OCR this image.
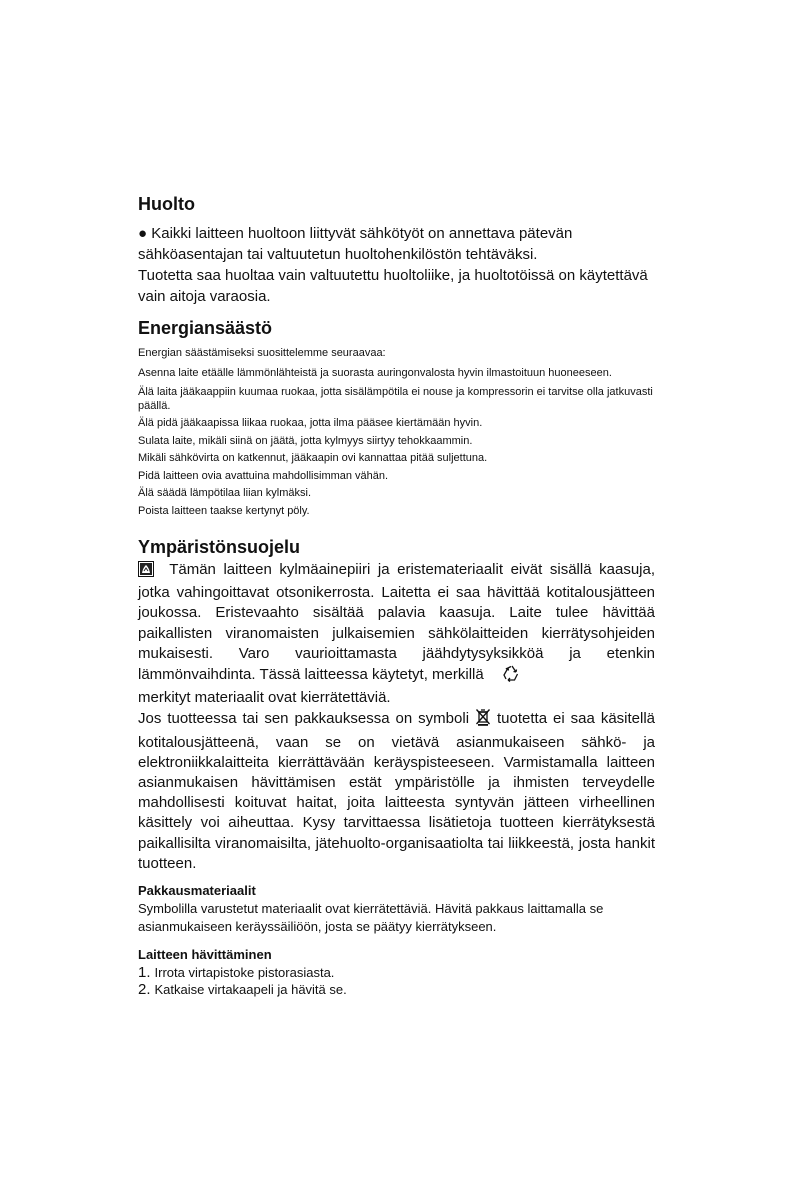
Huolto

● Kaikki laitteen huoltoon liittyvät sähkötyöt on annettava pätevän

sähköasentajan tai valtuutetun huoltohenkilöstön tehtäväksi.

Tuotetta saa huoltaa vain valtuutettu huoltoliike, ja huoltotöissä on käytettävä

vain aitoja varaosia.

Energiansäästö

Energian säästämiseksi suosittelemme seuraavaa:

Asenna laite etäälle lämmönlähteistä ja suorasta auringonvalosta hyvin ilmastoituun huoneeseen.

Älä laita jääkaappiin kuumaa ruokaa, jotta sisälämpötila ei nouse ja kompressorin ei tarvitse olla jatkuvasti päällä.

Älä pidä jääkaapissa liikaa ruokaa, jotta ilma pääsee kiertämään hyvin.

Sulata laite, mikäli siinä on jäätä, jotta kylmyys siirtyy tehokkaammin.

Mikäli sähkövirta on katkennut, jääkaapin ovi kannattaa pitää suljettuna.

Pidä laitteen ovia avattuina mahdollisimman vähän.

Älä säädä lämpötilaa liian kylmäksi.

Poista laitteen taakse kertynyt pöly.

Ympäristönsuojelu

Tämän laitteen kylmäainepiiri ja eristemateriaalit eivät sisällä kaasuja, jotka vahingoittavat otsonikerrosta. Laitetta ei saa hävittää kotitalousjätteen joukossa. Eristevaahto sisältää palavia kaasuja. Laite tulee hävittää paikallisten viranomaisten julkaisemien sähkölaitteiden kierrätysohjeiden mukaisesti. Varo vaurioittamasta jäähdytysyksikköä ja etenkin lämmönvaihdinta. Tässä laitteessa käytetyt, merkillä

merkityt materiaalit ovat kierrätettäviä.

Jos tuotteessa tai sen pakkauksessa on symboli tuotetta ei saa käsitellä kotitalousjätteenä, vaan se on vietävä asianmukaiseen sähkö- ja elektroniikkalaitteita kierrättävään keräyspisteeseen. Varmistamalla laitteen asianmukaisen hävittämisen estät ympäristölle ja ihmisten terveydelle mahdollisesti koituvat haitat, joita laitteesta syntyvän jätteen virheellinen käsittely voi aiheuttaa. Kysy tarvittaessa lisätietoja tuotteen kierrätyksestä paikallisilta viranomaisilta, jätehuolto-organisaatiolta tai liikkeestä, josta hankit tuotteen.

Pakkausmateriaalit

Symbolilla varustetut materiaalit ovat kierrätettäviä. Hävitä pakkaus laittamalla se asianmukaiseen keräyssäiliöön, josta se päätyy kierrätykseen.

Laitteen hävittäminen

1. Irrota virtapistoke pistorasiasta.

2. Katkaise virtakaapeli ja hävitä se.
